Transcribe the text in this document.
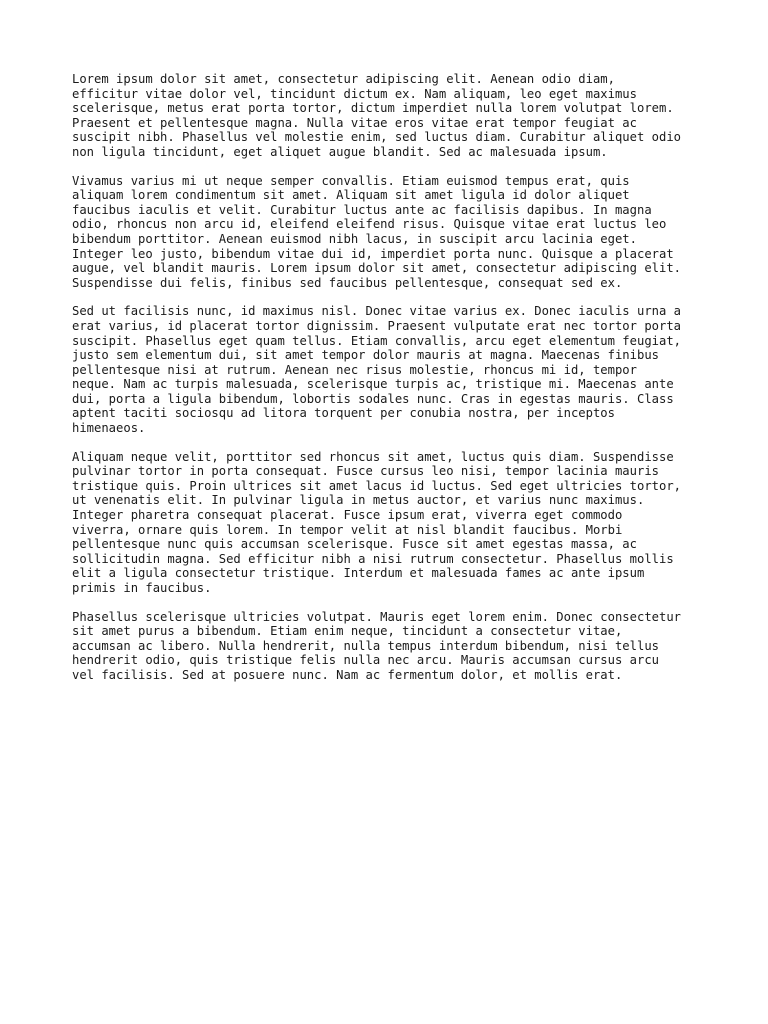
Lorem ipsum dolor sit amet, consectetur adipiscing elit. Aenean odio diam,
efficitur vitae dolor vel, tincidunt dictum ex. Nam aliquam, leo eget maximus
scelerisque, metus erat porta tortor, dictum imperdiet nulla lorem volutpat lorem.
Praesent et pellentesque magna. Nulla vitae eros vitae erat tempor feugiat ac
suscipit nibh. Phasellus vel molestie enim, sed luctus diam. Curabitur aliquet odio
non ligula tincidunt, eget aliquet augue blandit. Sed ac malesuada ipsum.

Vivamus varius mi ut neque semper convallis. Etiam euismod tempus erat, quis
aliquam lorem condimentum sit amet. Aliquam sit amet ligula id dolor aliquet
faucibus iaculis et velit. Curabitur luctus ante ac facilisis dapibus. In magna
odio, rhoncus non arcu id, eleifend eleifend risus. Quisque vitae erat luctus leo
bibendum porttitor. Aenean euismod nibh lacus, in suscipit arcu lacinia eget.
Integer leo justo, bibendum vitae dui id, imperdiet porta nunc. Quisque a placerat
augue, vel blandit mauris. Lorem ipsum dolor sit amet, consectetur adipiscing elit.
Suspendisse dui felis, finibus sed faucibus pellentesque, consequat sed ex.

Sed ut facilisis nunc, id maximus nisl. Donec vitae varius ex. Donec iaculis urna a
erat varius, id placerat tortor dignissim. Praesent vulputate erat nec tortor porta
suscipit. Phasellus eget quam tellus. Etiam convallis, arcu eget elementum feugiat,
justo sem elementum dui, sit amet tempor dolor mauris at magna. Maecenas finibus
pellentesque nisi at rutrum. Aenean nec risus molestie, rhoncus mi id, tempor
neque. Nam ac turpis malesuada, scelerisque turpis ac, tristique mi. Maecenas ante
dui, porta a ligula bibendum, lobortis sodales nunc. Cras in egestas mauris. Class
aptent taciti sociosqu ad litora torquent per conubia nostra, per inceptos
himenaeos.

Aliquam neque velit, porttitor sed rhoncus sit amet, luctus quis diam. Suspendisse
pulvinar tortor in porta consequat. Fusce cursus leo nisi, tempor lacinia mauris
tristique quis. Proin ultrices sit amet lacus id luctus. Sed eget ultricies tortor,
ut venenatis elit. In pulvinar ligula in metus auctor, et varius nunc maximus.
Integer pharetra consequat placerat. Fusce ipsum erat, viverra eget commodo
viverra, ornare quis lorem. In tempor velit at nisl blandit faucibus. Morbi
pellentesque nunc quis accumsan scelerisque. Fusce sit amet egestas massa, ac
sollicitudin magna. Sed efficitur nibh a nisi rutrum consectetur. Phasellus mollis
elit a ligula consectetur tristique. Interdum et malesuada fames ac ante ipsum
primis in faucibus.

Phasellus scelerisque ultricies volutpat. Mauris eget lorem enim. Donec consectetur
sit amet purus a bibendum. Etiam enim neque, tincidunt a consectetur vitae,
accumsan ac libero. Nulla hendrerit, nulla tempus interdum bibendum, nisi tellus
hendrerit odio, quis tristique felis nulla nec arcu. Mauris accumsan cursus arcu
vel facilisis. Sed at posuere nunc. Nam ac fermentum dolor, et mollis erat.
